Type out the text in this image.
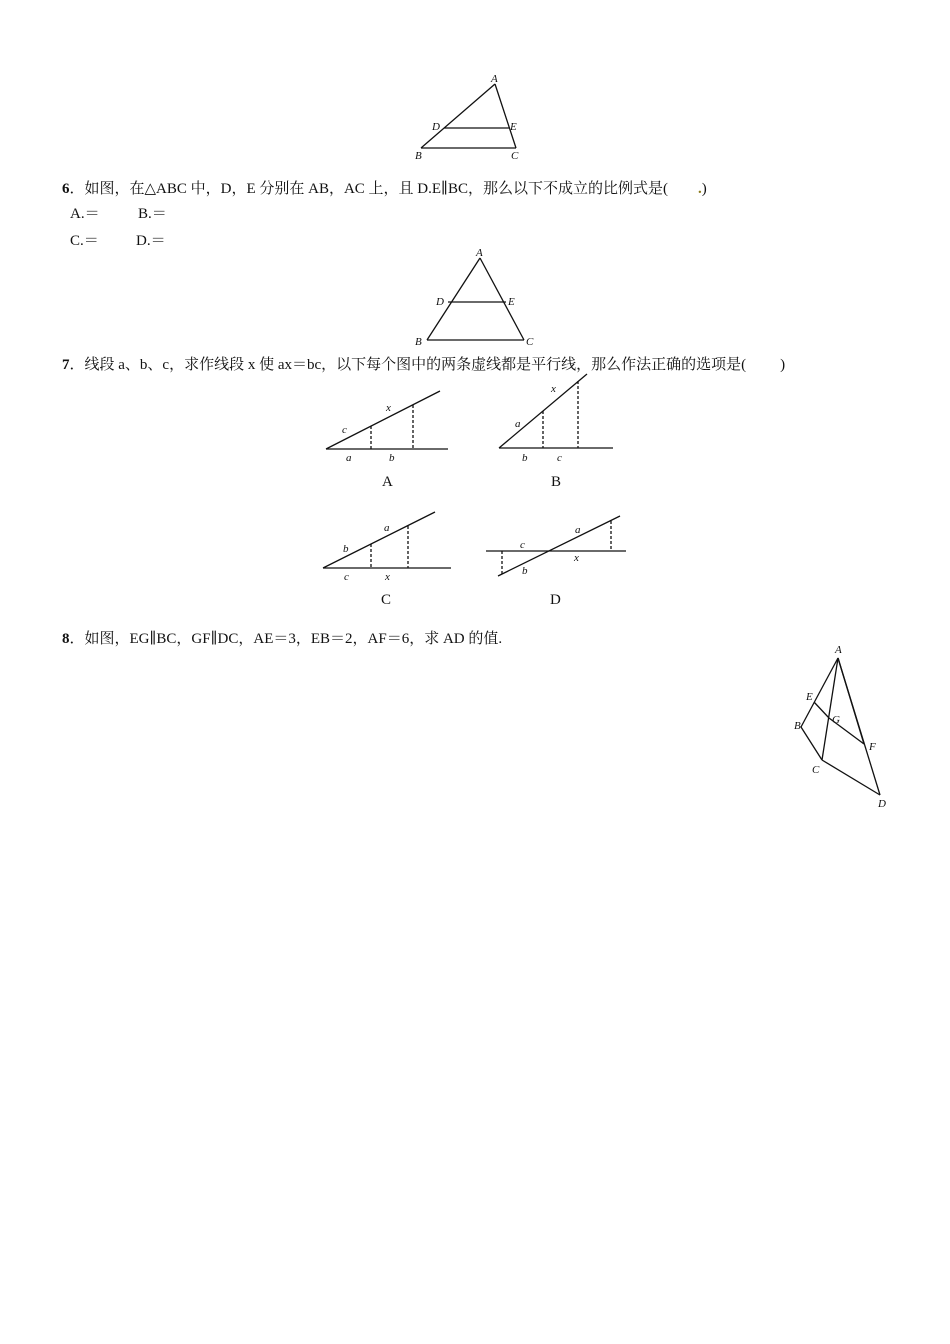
A
D	E
B	C
6．如图，在△ABC 中，D，E 分别在 AB，AC 上，且 D.E∥BC，那么以下不成立的比例式是( .)
A.＝	B.＝
C.＝ D.＝
A
D	E
B	C
7．线段 a、b、c，求作线段 x 使 ax＝bc，以下每个图中的两条虚线都是平行线，那么作法正确的选项是( )
c
x
a	b
A
a
x
b	c
B
b
a
c	x
C
c
a
b
x
D
8．如图，EG∥BC，GF∥DC，AE＝3，EB＝2，AF＝6，求 AD 的值.
A
E
G
B
F
C
D
